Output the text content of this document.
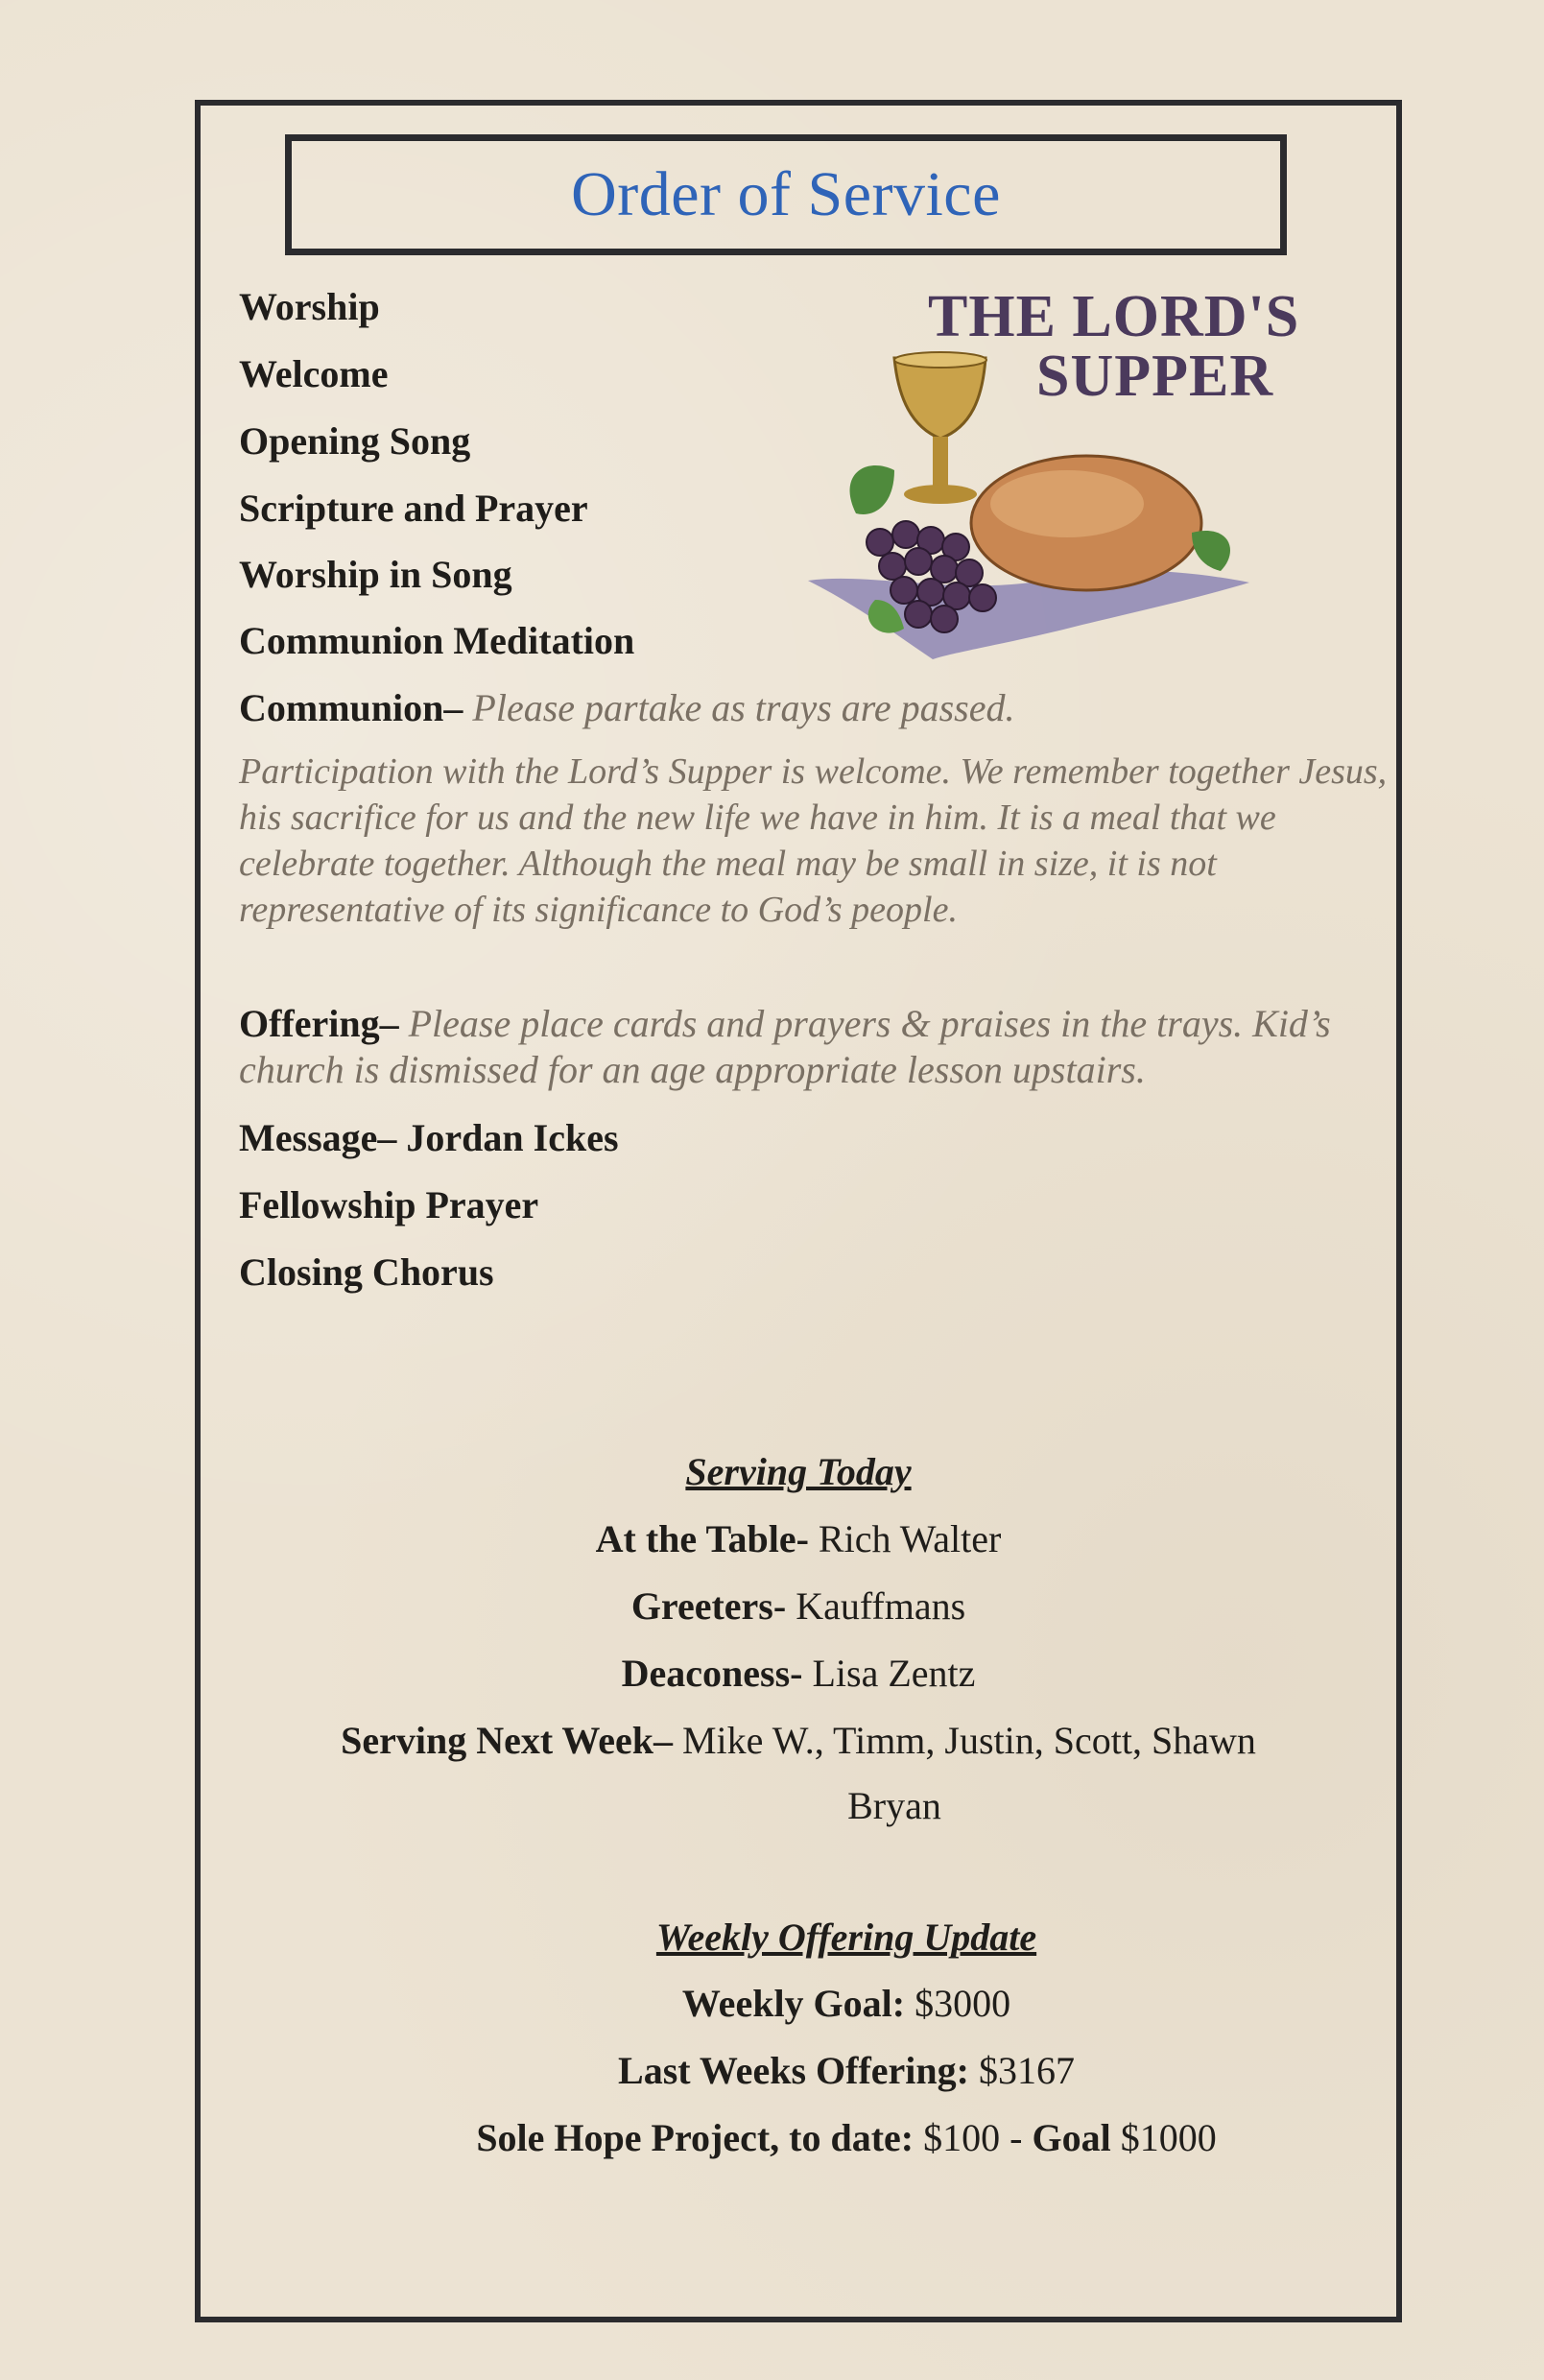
Order of Service
THE LORD'S
SUPPER
Worship
Welcome
Opening Song
Scripture and Prayer
Worship in Song
Communion Meditation
Communion– Please partake as trays are passed.
Participation with the Lord’s Supper is welcome. We remember together Jesus, his sacrifice for us and the new life we have in him. It is a meal that we celebrate together. Although the meal may be small in size, it is not representative of its significance to God’s people.
Offering– Please place cards and prayers & praises in the trays. Kid’s church is dismissed for an age appropriate lesson upstairs.
Message– Jordan Ickes
Fellowship Prayer
Closing Chorus
Serving Today
At the Table- Rich Walter
Greeters- Kauffmans
Deaconess- Lisa Zentz
Serving Next Week– Mike W., Timm, Justin, Scott, Shawn
Bryan
Weekly Offering Update
Weekly Goal: $3000
Last Weeks Offering: $3167
Sole Hope Project, to date: $100 - Goal $1000
